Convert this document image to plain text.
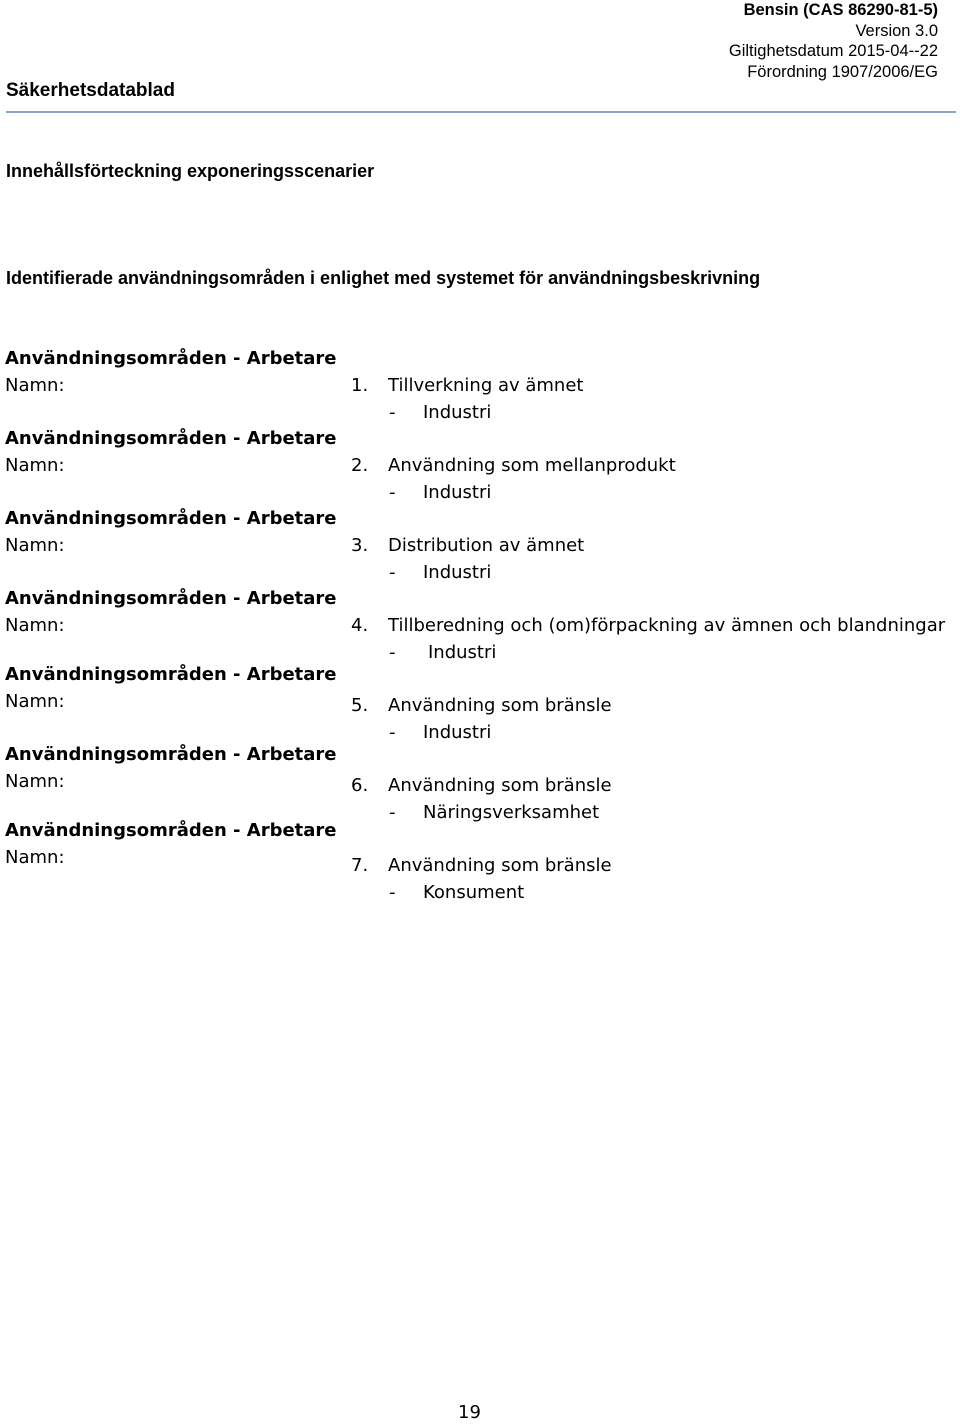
Säkerhetsdatablad
Bensin (CAS 86290-81-5)
Version 3.0
Giltighetsdatum 2015-04--22
Förordning 1907/2006/EG
Innehållsförteckning exponeringsscenarier
Identifierade användningsområden i enlighet med systemet för användningsbeskrivning
Användningsområden - Arbetare
Namn:	1. Tillverkning av ämnet
- Industri
Användningsområden - Arbetare
Namn:	2. Användning som mellanprodukt
- Industri
Användningsområden - Arbetare
Namn:	3. Distribution av ämnet
- Industri
Användningsområden - Arbetare
Namn:	4. Tillberedning och (om)förpackning av ämnen och blandningar
- Industri
Användningsområden - Arbetare
Namn:	5. Användning som bränsle
- Industri
Användningsområden - Arbetare
Namn:	6. Användning som bränsle
- Näringsverksamhet
Användningsområden - Arbetare
Namn:	7. Användning som bränsle
- Konsument
19
